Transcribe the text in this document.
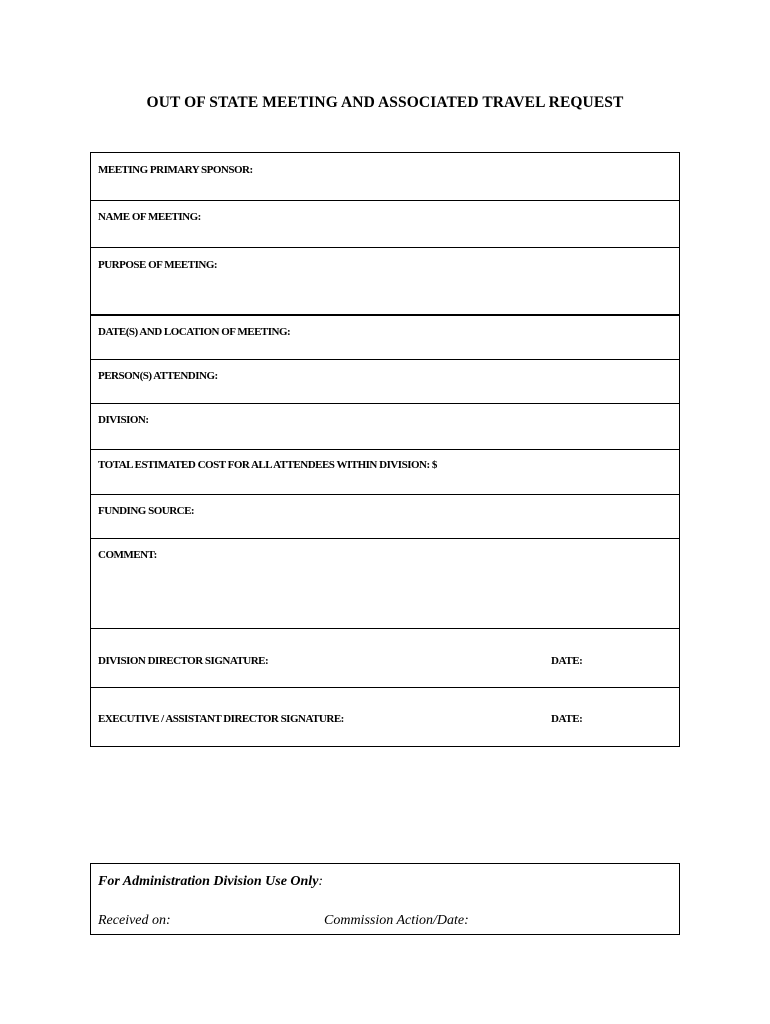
OUT OF STATE MEETING AND ASSOCIATED TRAVEL REQUEST
MEETING PRIMARY SPONSOR:
NAME OF MEETING:
PURPOSE OF MEETING:
DATE(S) AND LOCATION OF MEETING:
PERSON(S) ATTENDING:
DIVISION:
TOTAL ESTIMATED COST FOR ALL ATTENDEES WITHIN DIVISION: $
FUNDING SOURCE:
COMMENT:
DIVISION DIRECTOR SIGNATURE:	DATE:
EXECUTIVE / ASSISTANT DIRECTOR SIGNATURE:	DATE:
For Administration Division Use Only:
Received on:	Commission Action/Date:
